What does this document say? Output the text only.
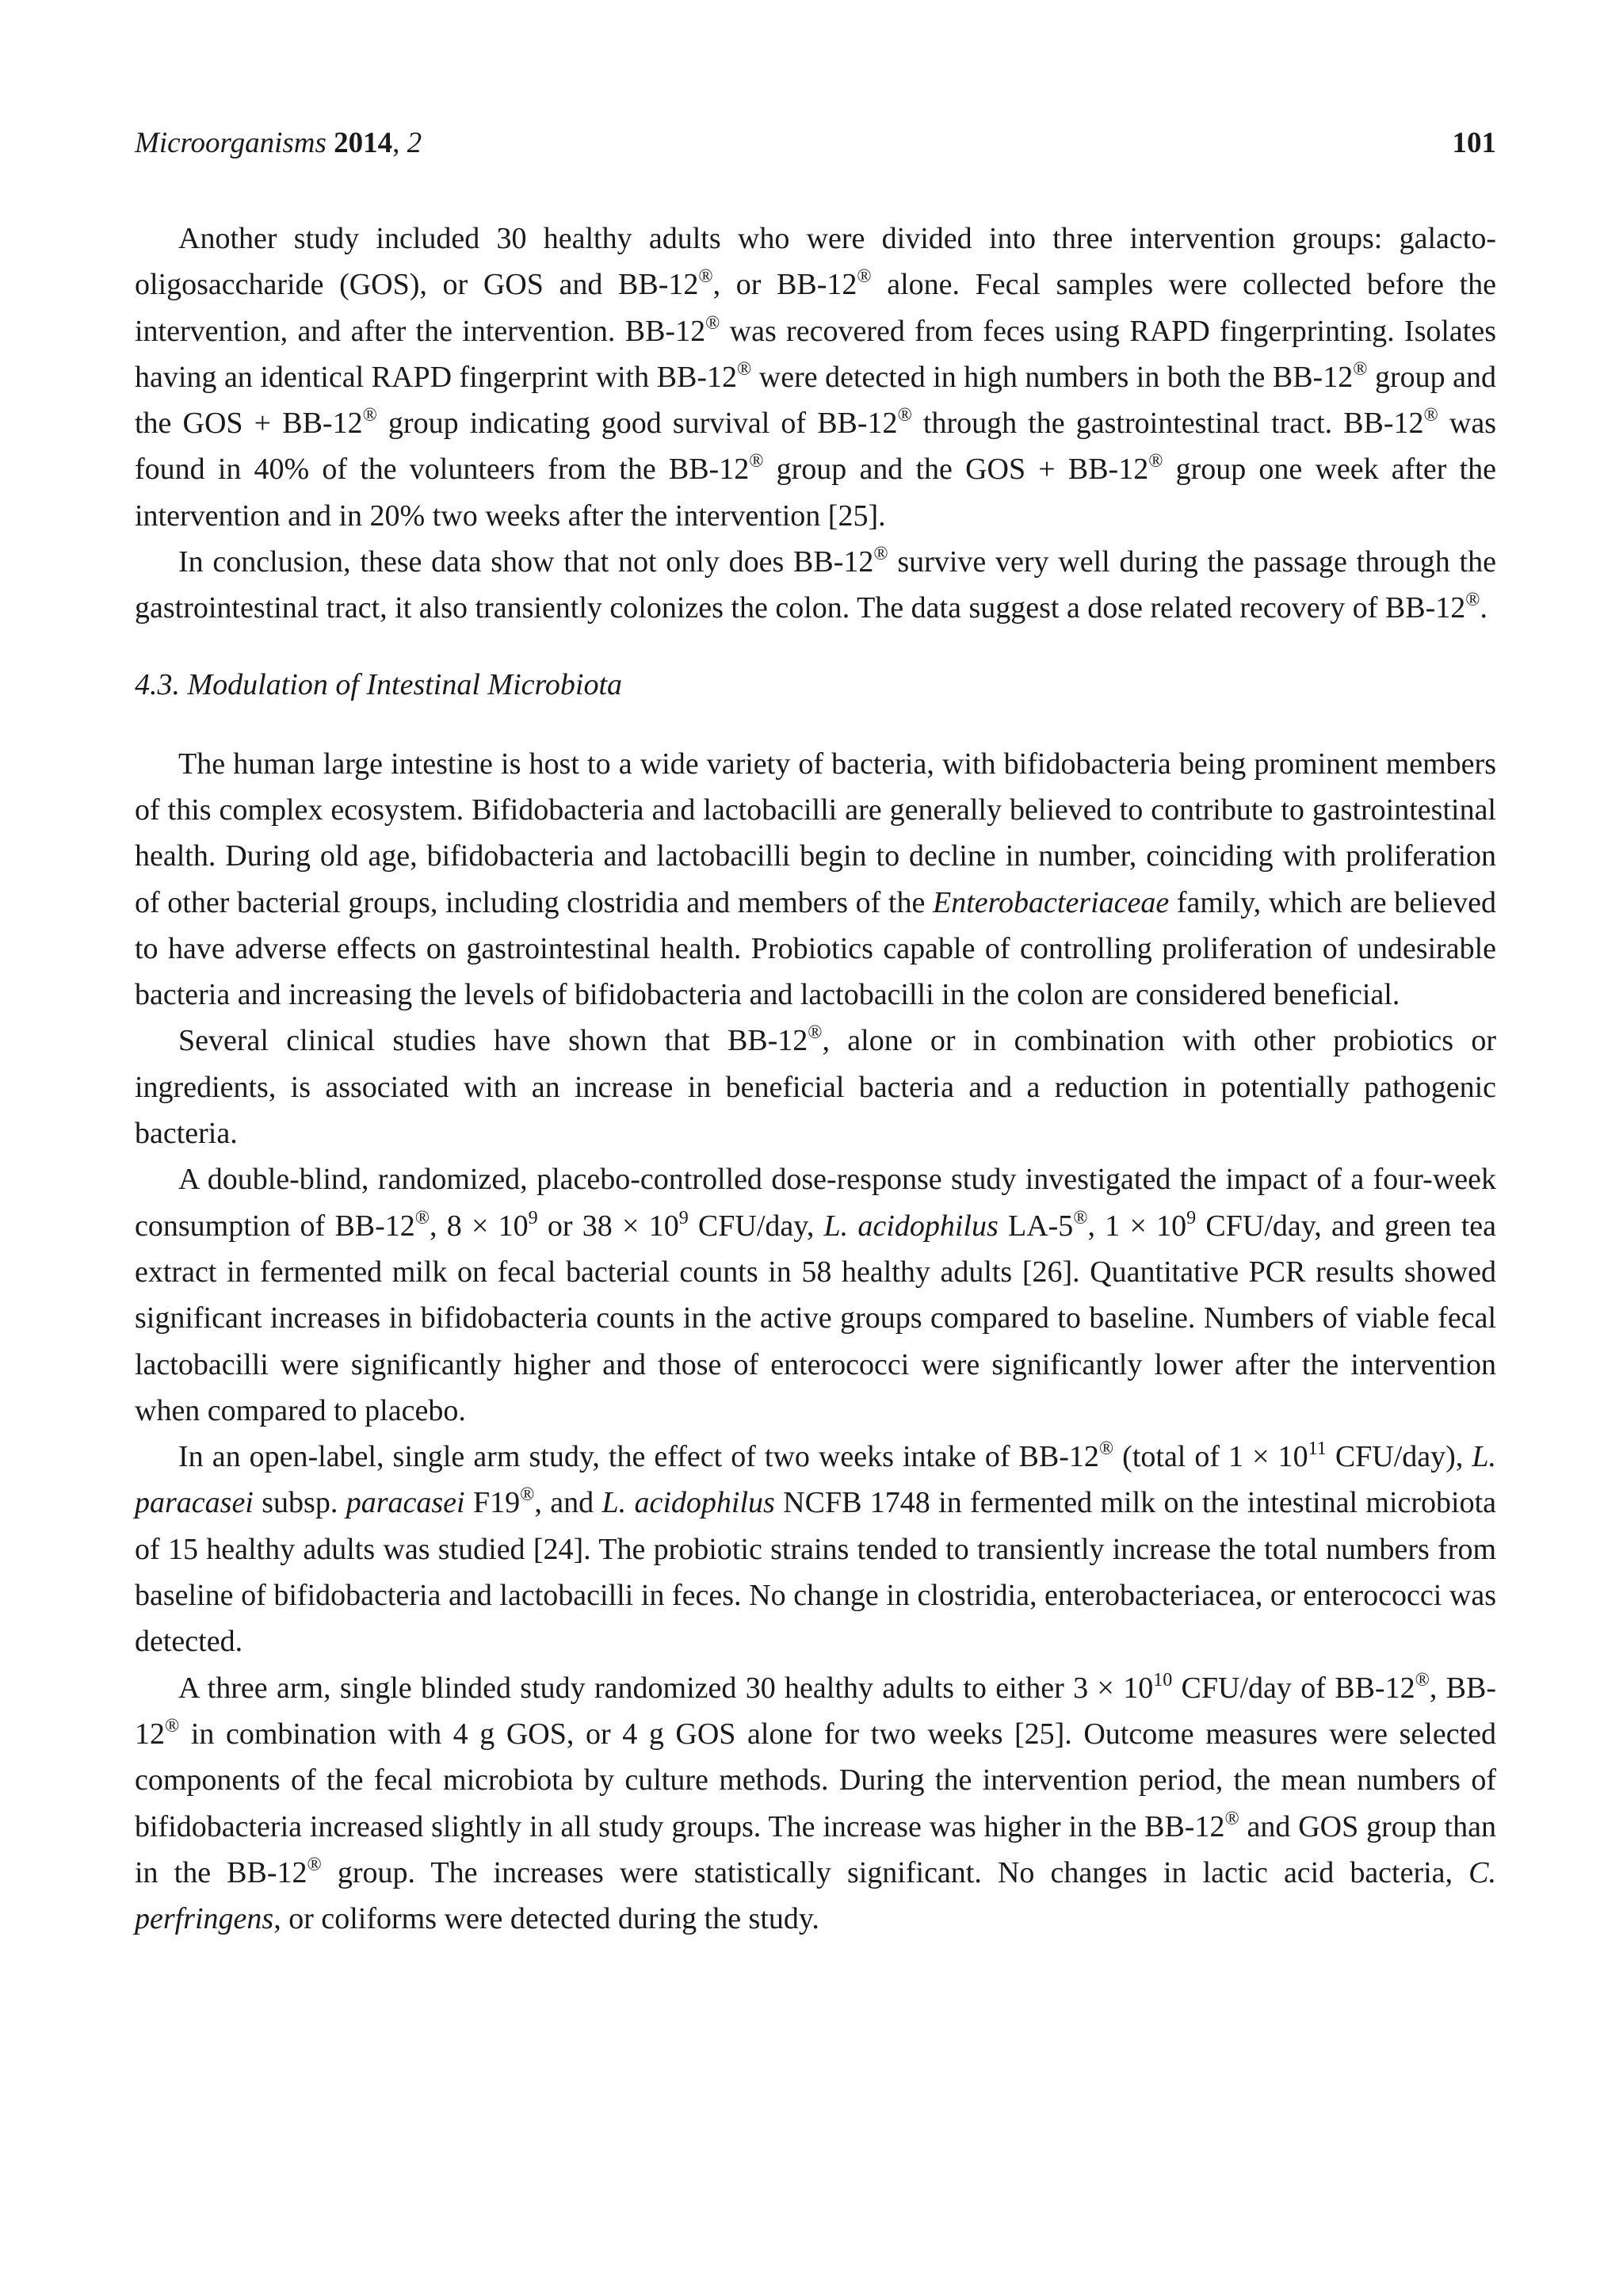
Microorganisms 2014, 2	101

Another study included 30 healthy adults who were divided into three intervention groups: galacto-oligosaccharide (GOS), or GOS and BB-12®, or BB-12® alone. Fecal samples were collected before the intervention, and after the intervention. BB-12® was recovered from feces using RAPD fingerprinting. Isolates having an identical RAPD fingerprint with BB-12® were detected in high numbers in both the BB-12® group and the GOS + BB-12® group indicating good survival of BB-12® through the gastrointestinal tract. BB-12® was found in 40% of the volunteers from the BB-12® group and the GOS + BB-12® group one week after the intervention and in 20% two weeks after the intervention [25].

In conclusion, these data show that not only does BB-12® survive very well during the passage through the gastrointestinal tract, it also transiently colonizes the colon. The data suggest a dose related recovery of BB-12®.

4.3. Modulation of Intestinal Microbiota

The human large intestine is host to a wide variety of bacteria, with bifidobacteria being prominent members of this complex ecosystem. Bifidobacteria and lactobacilli are generally believed to contribute to gastrointestinal health. During old age, bifidobacteria and lactobacilli begin to decline in number, coinciding with proliferation of other bacterial groups, including clostridia and members of the Enterobacteriaceae family, which are believed to have adverse effects on gastrointestinal health. Probiotics capable of controlling proliferation of undesirable bacteria and increasing the levels of bifidobacteria and lactobacilli in the colon are considered beneficial.

Several clinical studies have shown that BB-12®, alone or in combination with other probiotics or ingredients, is associated with an increase in beneficial bacteria and a reduction in potentially pathogenic bacteria.

A double-blind, randomized, placebo-controlled dose-response study investigated the impact of a four-week consumption of BB-12®, $8 \times 10^9$ or $38 \times 10^9$ CFU/day, L. acidophilus LA-5®, $1 \times 10^9$ CFU/day, and green tea extract in fermented milk on fecal bacterial counts in 58 healthy adults [26]. Quantitative PCR results showed significant increases in bifidobacteria counts in the active groups compared to baseline. Numbers of viable fecal lactobacilli were significantly higher and those of enterococci were significantly lower after the intervention when compared to placebo.

In an open-label, single arm study, the effect of two weeks intake of BB-12® (total of $1 \times 10^{11}$ CFU/day), L. paracasei subsp. paracasei F19®, and L. acidophilus NCFB 1748 in fermented milk on the intestinal microbiota of 15 healthy adults was studied [24]. The probiotic strains tended to transiently increase the total numbers from baseline of bifidobacteria and lactobacilli in feces. No change in clostridia, enterobacteriacea, or enterococci was detected.

A three arm, single blinded study randomized 30 healthy adults to either $3 \times 10^{10}$ CFU/day of BB-12®, BB-12® in combination with 4 g GOS, or 4 g GOS alone for two weeks [25]. Outcome measures were selected components of the fecal microbiota by culture methods. During the intervention period, the mean numbers of bifidobacteria increased slightly in all study groups. The increase was higher in the BB-12® and GOS group than in the BB-12® group. The increases were statistically significant. No changes in lactic acid bacteria, C. perfringens, or coliforms were detected during the study.
